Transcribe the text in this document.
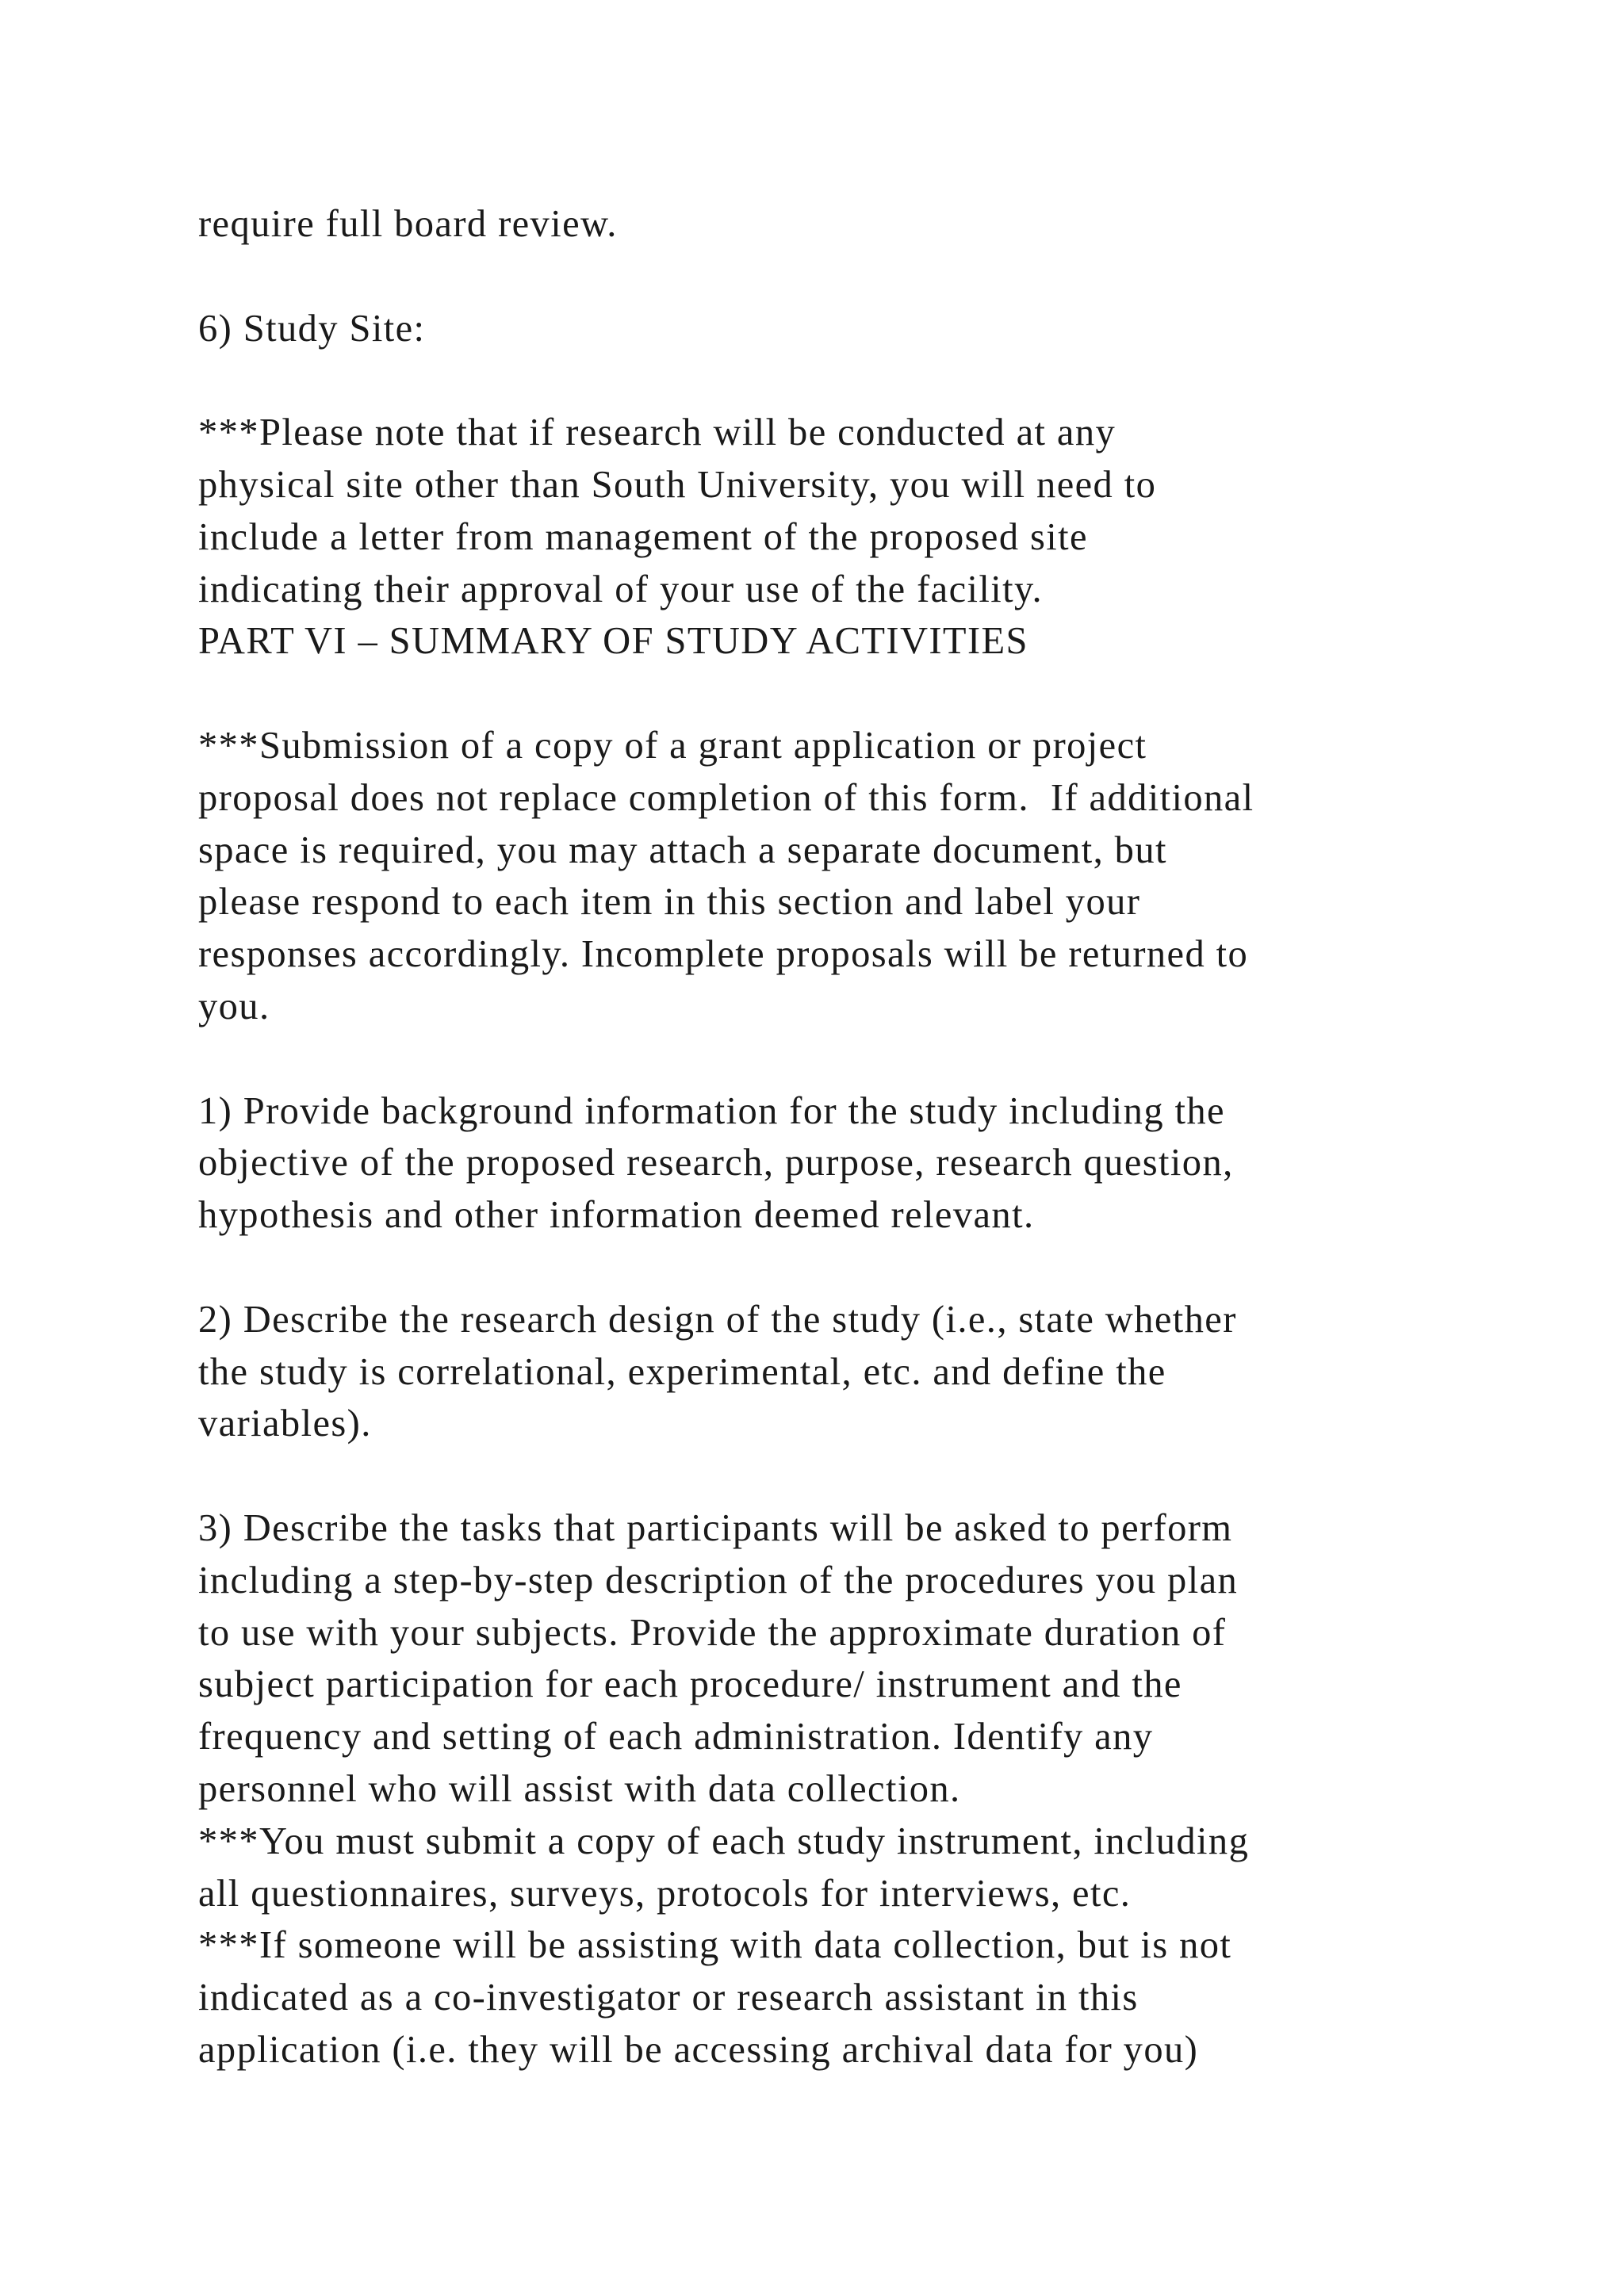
require full board review.
6) Study Site:
***Please note that if research will be conducted at any
physical site other than South University, you will need to
include a letter from management of the proposed site
indicating their approval of your use of the facility.
PART VI – SUMMARY OF STUDY ACTIVITIES
***Submission of a copy of a grant application or project
proposal does not replace completion of this form.  If additional
space is required, you may attach a separate document, but
please respond to each item in this section and label your
responses accordingly. Incomplete proposals will be returned to
you.
1) Provide background information for the study including the
objective of the proposed research, purpose, research question,
hypothesis and other information deemed relevant.
2) Describe the research design of the study (i.e., state whether
the study is correlational, experimental, etc. and define the
variables).
3) Describe the tasks that participants will be asked to perform
including a step-by-step description of the procedures you plan
to use with your subjects. Provide the approximate duration of
subject participation for each procedure/ instrument and the
frequency and setting of each administration. Identify any
personnel who will assist with data collection.
***You must submit a copy of each study instrument, including
all questionnaires, surveys, protocols for interviews, etc.
***If someone will be assisting with data collection, but is not
indicated as a co-investigator or research assistant in this
application (i.e. they will be accessing archival data for you)
